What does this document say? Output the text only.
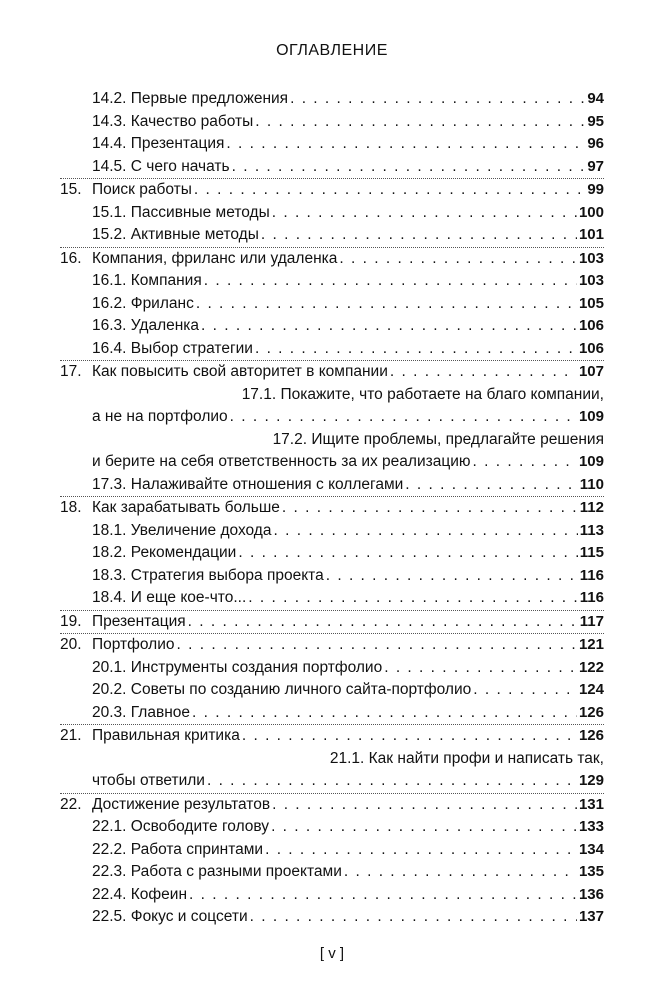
ОГЛАВЛЕНИЕ
14.2. Первые предложения . . .	94
14.3. Качество работы . . .	95
14.4. Презентация . . .	96
14.5. С чего начать . . .	97
15. Поиск работы . . .	99
15.1. Пассивные методы . . .	100
15.2. Активные методы . . .	101
16. Компания, фриланс или удаленка . . .	103
16.1. Компания . . .	103
16.2. Фриланс . . .	105
16.3. Удаленка . . .	106
16.4. Выбор стратегии . . .	106
17. Как повысить свой авторитет в компании . . .	107
17.1. Покажите, что работаете на благо компании,
а не на портфолио . . .	109
17.2. Ищите проблемы, предлагайте решения
и берите на себя ответственность за их реализацию . . .	109
17.3. Налаживайте отношения с коллегами . . .	110
18. Как зарабатывать больше . . .	112
18.1. Увеличение дохода . . .	113
18.2. Рекомендации . . .	115
18.3. Стратегия выбора проекта . . .	116
18.4. И еще кое-что... . . .	116
19. Презентация . . .	117
20. Портфолио . . .	121
20.1. Инструменты создания портфолио . . .	122
20.2. Советы по созданию личного сайта-портфолио . . .	124
20.3. Главное . . .	126
21. Правильная критика . . .	126
21.1. Как найти профи и написать так,
чтобы ответили . . .	129
22. Достижение результатов . . .	131
22.1. Освободите голову . . .	133
22.2. Работа спринтами . . .	134
22.3. Работа с разными проектами . . .	135
22.4. Кофеин . . .	136
22.5. Фокус и соцсети . . .	137
[ v ]
